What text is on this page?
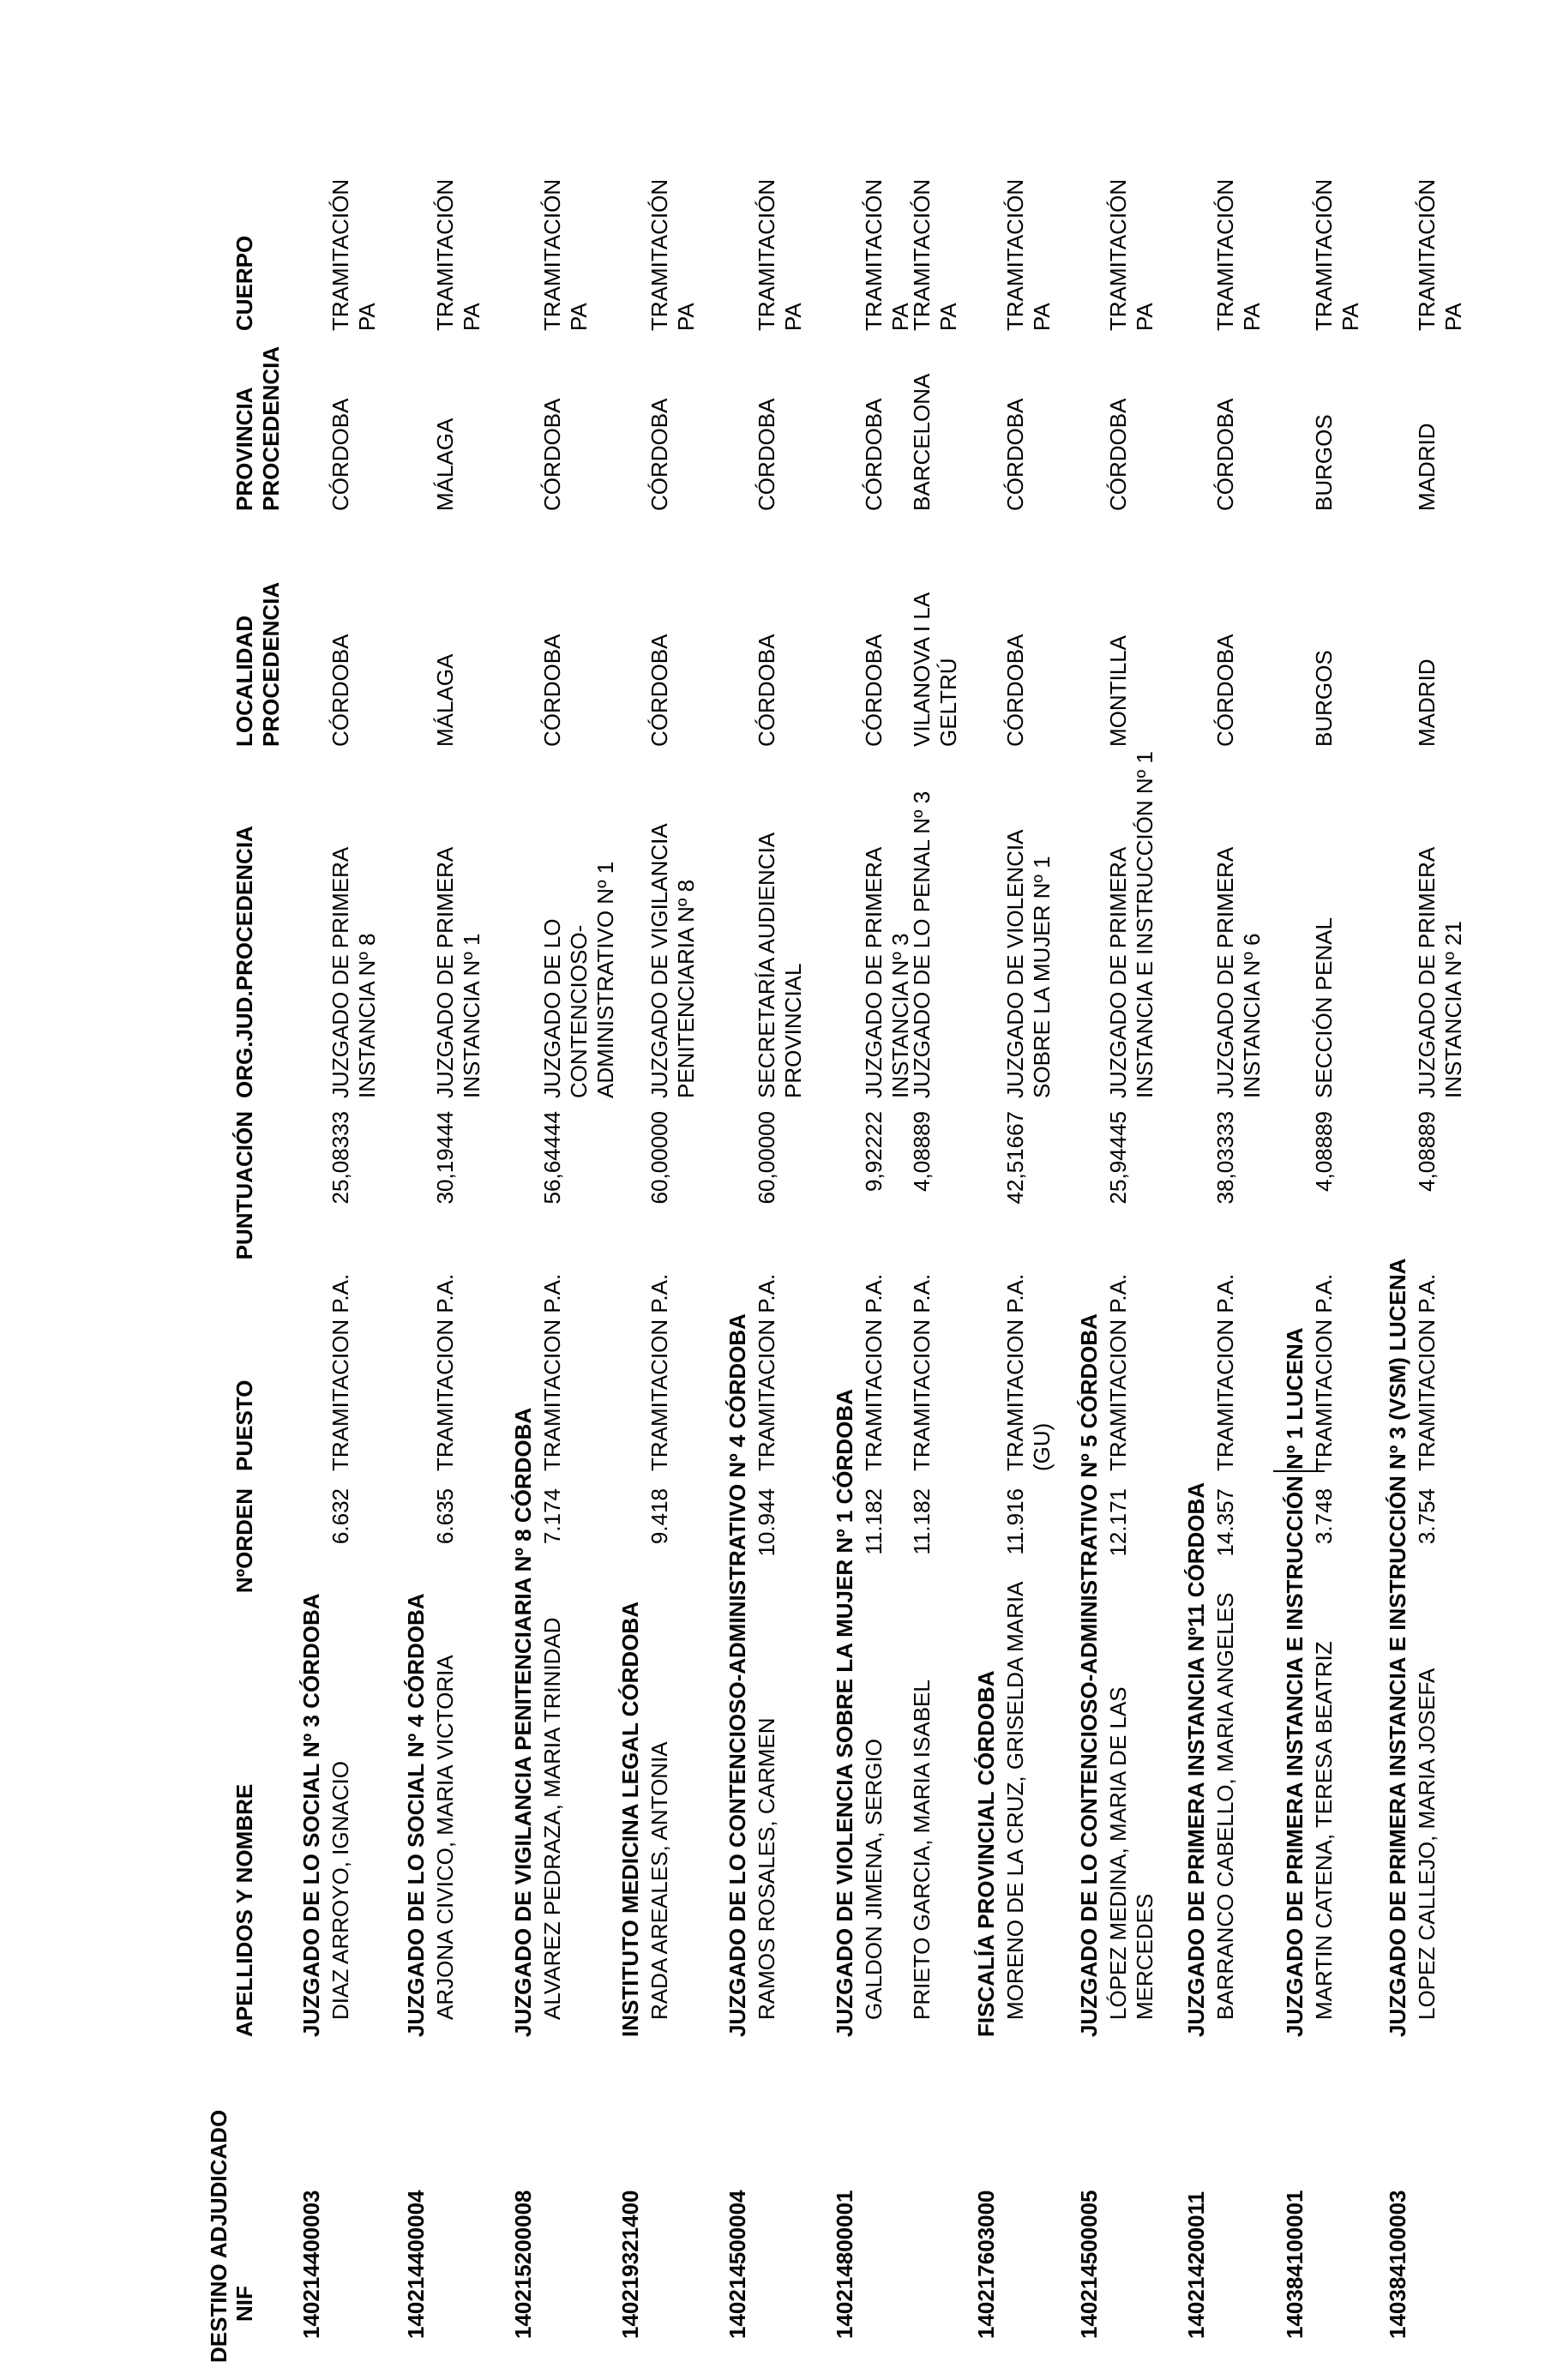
DESTINO ADJUDICADO NIF
APELLIDOS Y NOMBRE
NºORDEN
PUESTO
PUNTUACIÓN
ORG.JUD.PROCEDENCIA
LOCALIDAD
PROCEDENCIA
PROVINCIA
PROCEDENCIA
CUERPO
140214400003
JUZGADO DE LO SOCIAL Nº 3 CÓRDOBA DIAZ ARROYO, IGNACIO
6.632
TRAMITACION P.A.
25,08333
JUZGADO DE PRIMERA
INSTANCIA Nº 8
CÓRDOBA
CÓRDOBA
TRAMITACIÓN
PA
140214400004
JUZGADO DE LO SOCIAL Nº 4 CÓRDOBA ARJONA CIVICO, MARIA VICTORIA
6.635
TRAMITACION P.A.
30,19444
JUZGADO DE PRIMERA
INSTANCIA Nº 1
MÁLAGA
MÁLAGA
TRAMITACIÓN
PA
140215200008
JUZGADO DE VIGILANCIA PENITENCIARIA Nº 8 CÓRDOBA ALVAREZ PEDRAZA, MARIA TRINIDAD
7.174
TRAMITACION P.A.
56,64444
JUZGADO DE LO
CONTENCIOSO-
ADMINISTRATIVO Nº 1
CÓRDOBA
CÓRDOBA
TRAMITACIÓN
PA
140219321400
INSTITUTO MEDICINA LEGAL CÓRDOBA RADA AREALES, ANTONIA
9.418
TRAMITACION P.A.
60,00000
JUZGADO DE VIGILANCIA
PENITENCIARIA Nº 8
CÓRDOBA
CÓRDOBA
TRAMITACIÓN
PA
140214500004
JUZGADO DE LO CONTENCIOSO-ADMINISTRATIVO Nº 4 CÓRDOBA RAMOS ROSALES, CARMEN
10.944
TRAMITACION P.A.
60,00000
SECRETARÍA AUDIENCIA
PROVINCIAL
CÓRDOBA
CÓRDOBA
TRAMITACIÓN
PA
140214800001
JUZGADO DE VIOLENCIA SOBRE LA MUJER Nº 1 CÓRDOBA GALDON JIMENA, SERGIO
11.182
TRAMITACION P.A.
9,92222
JUZGADO DE PRIMERA
INSTANCIA Nº 3
CÓRDOBA
CÓRDOBA
TRAMITACIÓN
PA
PRIETO GARCIA, MARIA ISABEL
11.182
TRAMITACION P.A.
4,08889
JUZGADO DE LO PENAL Nº 3
VILANOVA I LA
GELTRÚ
BARCELONA
TRAMITACIÓN
PA
140217603000
FISCALÍA PROVINCIAL CÓRDOBA MORENO DE LA CRUZ, GRISELDA MARIA
11.916
TRAMITACION P.A.
(GU)
42,51667
JUZGADO DE VIOLENCIA
SOBRE LA MUJER Nº 1
CÓRDOBA
CÓRDOBA
TRAMITACIÓN
PA
140214500005
JUZGADO DE LO CONTENCIOSO-ADMINISTRATIVO Nº 5 CÓRDOBA LÓPEZ MEDINA, MARIA DE LAS
MERCEDES
12.171
TRAMITACION P.A.
25,94445
JUZGADO DE PRIMERA
INSTANCIA E INSTRUCCIÓN Nº 1
MONTILLA
CÓRDOBA
TRAMITACIÓN
PA
140214200011
JUZGADO DE PRIMERA INSTANCIA Nº11 CÓRDOBA BARRANCO CABELLO, MARIA ANGELES
14.357
TRAMITACION P.A.
38,03333
JUZGADO DE PRIMERA
INSTANCIA Nº 6
CÓRDOBA
CÓRDOBA
TRAMITACIÓN
PA
140384100001
JUZGADO DE PRIMERA INSTANCIA E INSTRUCCIÓN Nº 1 LUCENA MARTIN CATENA, TERESA BEATRIZ
3.748
TRAMITACION P.A.
4,08889
SECCIÓN PENAL
BURGOS
BURGOS
TRAMITACIÓN
PA
140384100003
JUZGADO DE PRIMERA INSTANCIA E INSTRUCCIÓN Nº 3 (VSM) LUCENA LOPEZ CALLEJO, MARIA JOSEFA
3.754
TRAMITACION P.A.
4,08889
JUZGADO DE PRIMERA
INSTANCIA Nº 21
MADRID
MADRID
TRAMITACIÓN
PA
